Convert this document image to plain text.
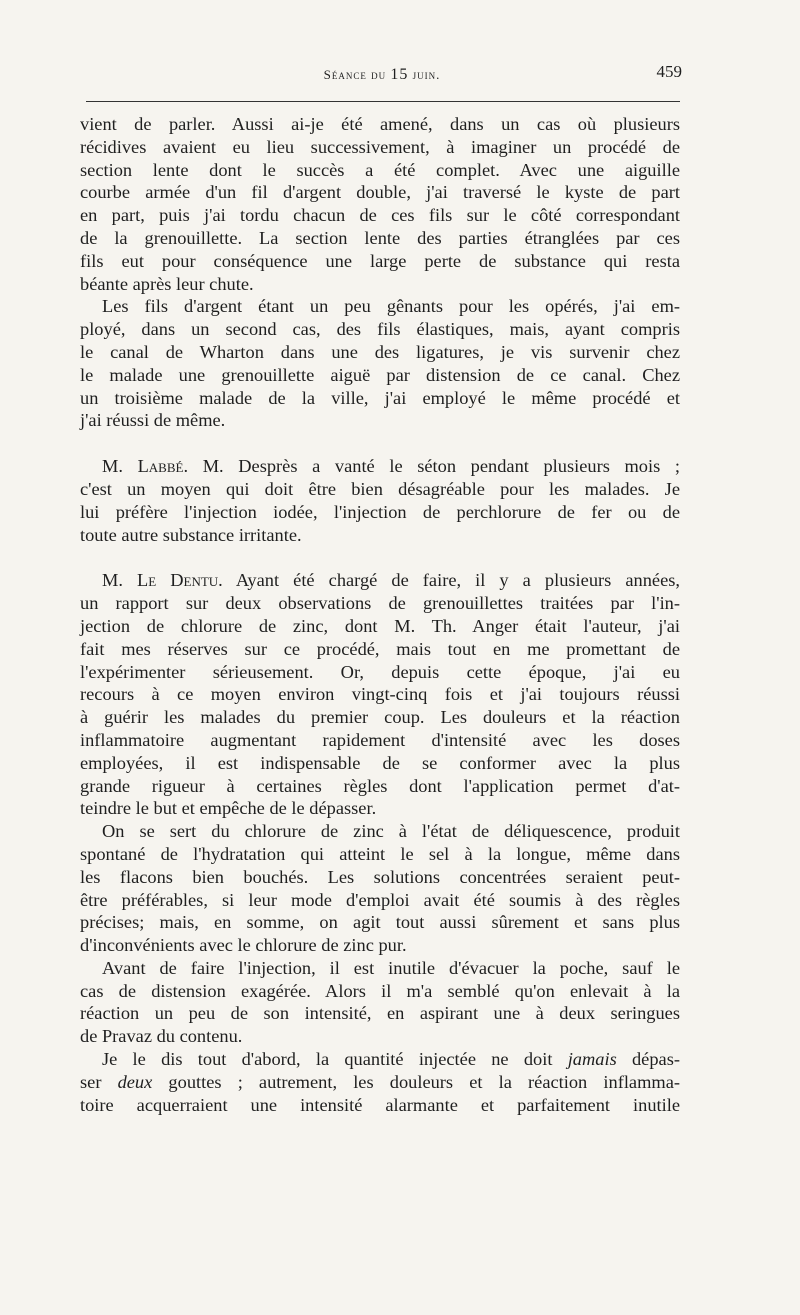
Séance du 15 juin.	459
vient de parler. Aussi ai-je été amené, dans un cas où plusieurs
récidives avaient eu lieu successivement, à imaginer un procédé de
section lente dont le succès a été complet. Avec une aiguille
courbe armée d'un fil d'argent double, j'ai traversé le kyste de part
en part, puis j'ai tordu chacun de ces fils sur le côté correspondant
de la grenouillette. La section lente des parties étranglées par ces
fils eut pour conséquence une large perte de substance qui resta
béante après leur chute.
Les fils d'argent étant un peu gênants pour les opérés, j'ai em-
ployé, dans un second cas, des fils élastiques, mais, ayant compris
le canal de Wharton dans une des ligatures, je vis survenir chez
le malade une grenouillette aiguë par distension de ce canal. Chez
un troisième malade de la ville, j'ai employé le même procédé et
j'ai réussi de même.
M. Labbé. M. Desprès a vanté le séton pendant plusieurs mois ;
c'est un moyen qui doit être bien désagréable pour les malades. Je
lui préfère l'injection iodée, l'injection de perchlorure de fer ou de
toute autre substance irritante.
M. Le Dentu. Ayant été chargé de faire, il y a plusieurs années,
un rapport sur deux observations de grenouillettes traitées par l'in-
jection de chlorure de zinc, dont M. Th. Anger était l'auteur, j'ai
fait mes réserves sur ce procédé, mais tout en me promettant de
l'expérimenter sérieusement. Or, depuis cette époque, j'ai eu
recours à ce moyen environ vingt-cinq fois et j'ai toujours réussi
à guérir les malades du premier coup. Les douleurs et la réaction
inflammatoire augmentant rapidement d'intensité avec les doses
employées, il est indispensable de se conformer avec la plus
grande rigueur à certaines règles dont l'application permet d'at-
teindre le but et empêche de le dépasser.
On se sert du chlorure de zinc à l'état de déliquescence, produit
spontané de l'hydratation qui atteint le sel à la longue, même dans
les flacons bien bouchés. Les solutions concentrées seraient peut-
être préférables, si leur mode d'emploi avait été soumis à des règles
précises; mais, en somme, on agit tout aussi sûrement et sans plus
d'inconvénients avec le chlorure de zinc pur.
Avant de faire l'injection, il est inutile d'évacuer la poche, sauf le
cas de distension exagérée. Alors il m'a semblé qu'on enlevait à la
réaction un peu de son intensité, en aspirant une à deux seringues
de Pravaz du contenu.
Je le dis tout d'abord, la quantité injectée ne doit jamais dépas-
ser deux gouttes ; autrement, les douleurs et la réaction inflamma-
toire acquerraient une intensité alarmante et parfaitement inutile
